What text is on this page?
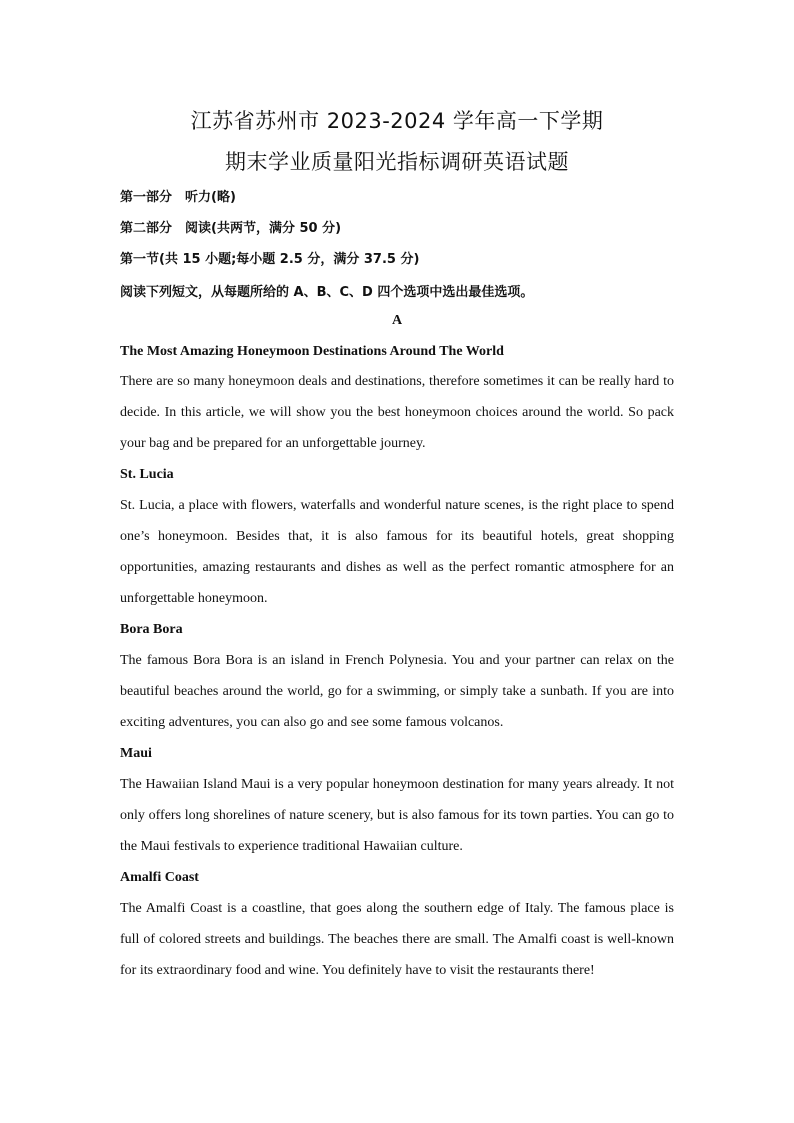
江苏省苏州市 2023-2024 学年高一下学期
期末学业质量阳光指标调研英语试题
第一部分　听力(略)
第二部分　阅读(共两节，满分 50 分)
第一节(共 15 小题;每小题 2.5 分，满分 37.5 分)
阅读下列短文，从每题所给的 A、B、C、D 四个选项中选出最佳选项。
A
The Most Amazing Honeymoon Destinations Around The World

There are so many honeymoon deals and destinations, therefore sometimes it can be really hard to decide. In this article, we will show you the best honeymoon choices around the world. So pack your bag and be prepared for an unforgettable journey.

St. Lucia

St. Lucia, a place with flowers, waterfalls and wonderful nature scenes, is the right place to spend one’s honeymoon. Besides that, it is also famous for its beautiful hotels, great shopping opportunities, amazing restaurants and dishes as well as the perfect romantic atmosphere for an unforgettable honeymoon.

Bora Bora

The famous Bora Bora is an island in French Polynesia. You and your partner can relax on the beautiful beaches around the world, go for a swimming, or simply take a sunbath. If you are into exciting adventures, you can also go and see some famous volcanos.

Maui

The Hawaiian Island Maui is a very popular honeymoon destination for many years already. It not only offers long shorelines of nature scenery, but is also famous for its town parties. You can go to the Maui festivals to experience traditional Hawaiian culture.

Amalfi Coast

The Amalfi Coast is a coastline, that goes along the southern edge of Italy. The famous place is full of colored streets and buildings. The beaches there are small. The Amalfi coast is well-known for its extraordinary food and wine. You definitely have to visit the restaurants there!
